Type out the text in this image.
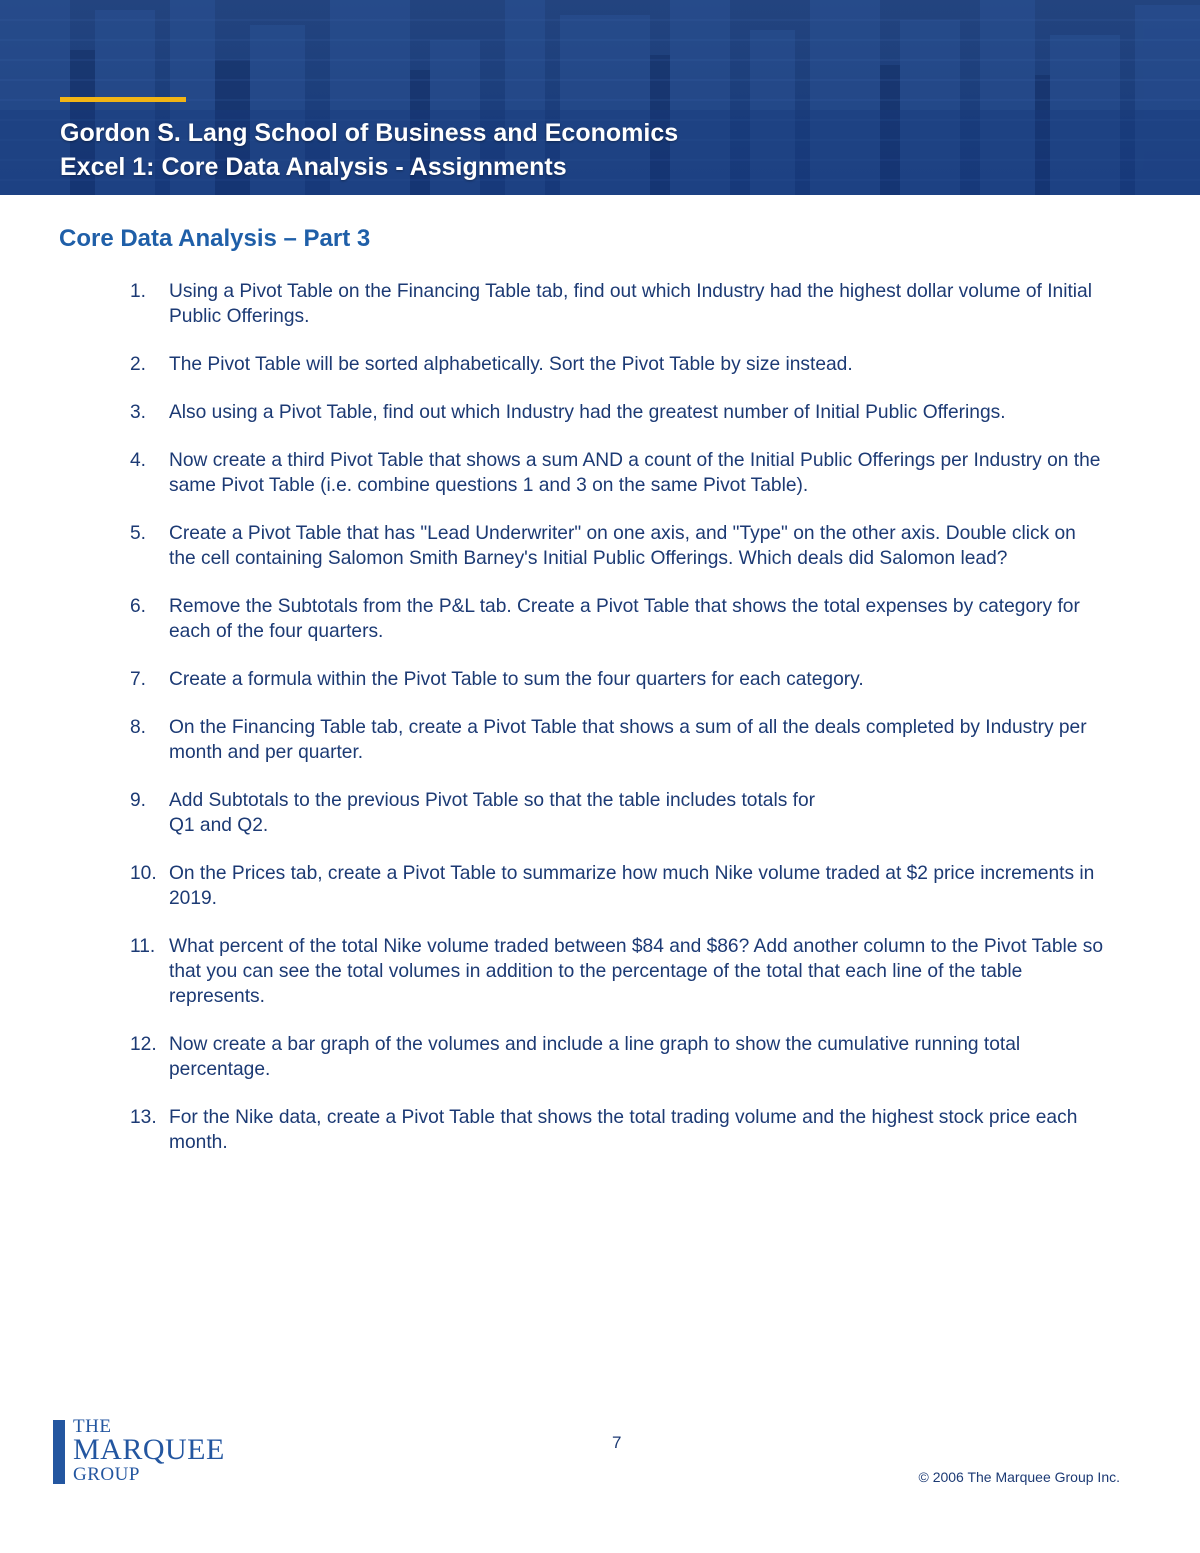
Gordon S. Lang School of Business and Economics

Excel 1: Core Data Analysis - Assignments

Core Data Analysis – Part 3
1.	Using a Pivot Table on the Financing Table tab, find out which Industry had the highest dollar volume of Initial Public Offerings.
2.	The Pivot Table will be sorted alphabetically. Sort the Pivot Table by size instead.
3.	Also using a Pivot Table, find out which Industry had the greatest number of Initial Public Offerings.
4.	Now create a third Pivot Table that shows a sum AND a count of the Initial Public Offerings per Industry on the same Pivot Table (i.e. combine questions 1 and 3 on the same Pivot Table).
5.	Create a Pivot Table that has "Lead Underwriter" on one axis, and "Type" on the other axis. Double click on the cell containing Salomon Smith Barney's Initial Public Offerings. Which deals did Salomon lead?
6.	Remove the Subtotals from the P&L tab. Create a Pivot Table that shows the total expenses by category for each of the four quarters.
7.	Create a formula within the Pivot Table to sum the four quarters for each category.
8.	On the Financing Table tab, create a Pivot Table that shows a sum of all the deals completed by Industry per month and per quarter.
9.	Add Subtotals to the previous Pivot Table so that the table includes totals for
Q1 and Q2.
10. On the Prices tab, create a Pivot Table to summarize how much Nike volume traded at $2 price increments in 2019.
11. What percent of the total Nike volume traded between $84 and $86? Add another column to the Pivot Table so that you can see the total volumes in addition to the percentage of the total that each line of the table represents.
12. Now create a bar graph of the volumes and include a line graph to show the cumulative running total percentage.
13. For the Nike data, create a Pivot Table that shows the total trading volume and the highest stock price each month.

THE

MARQUEE

GROUP

7

© 2006 The Marquee Group Inc.
